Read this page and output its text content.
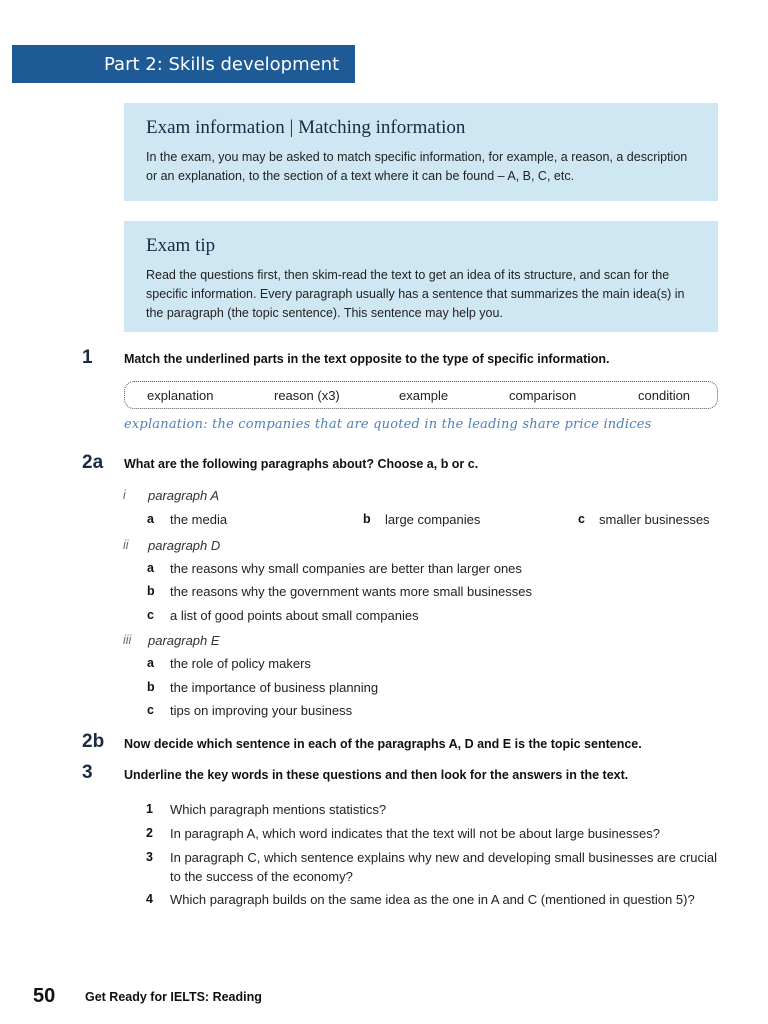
Part 2: Skills development
Exam information | Matching information
In the exam, you may be asked to match specific information, for example, a reason, a description or an explanation, to the section of a text where it can be found – A, B, C, etc.
Exam tip
Read the questions first, then skim-read the text to get an idea of its structure, and scan for the specific information. Every paragraph usually has a sentence that summarizes the main idea(s) in the paragraph (the topic sentence). This sentence may help you.
1	Match the underlined parts in the text opposite to the type of specific information.
explanation	reason (x3)	example	comparison	condition
explanation: the companies that are quoted in the leading share price indices
2a	What are the following paragraphs about? Choose a, b or c.
i paragraph A
a the media	b large companies	c smaller businesses
ii paragraph D
a the reasons why small companies are better than larger ones
b the reasons why the government wants more small businesses
c a list of good points about small companies
iii paragraph E
a the role of policy makers
b the importance of business planning
c tips on improving your business
2b	Now decide which sentence in each of the paragraphs A, D and E is the topic sentence.
3	Underline the key words in these questions and then look for the answers in the text.
1 Which paragraph mentions statistics?
2 In paragraph A, which word indicates that the text will not be about large businesses?
3 In paragraph C, which sentence explains why new and developing small businesses are crucial to the success of the economy?
4 Which paragraph builds on the same idea as the one in A and C (mentioned in question 5)?
50 Get Ready for IELTS: Reading
